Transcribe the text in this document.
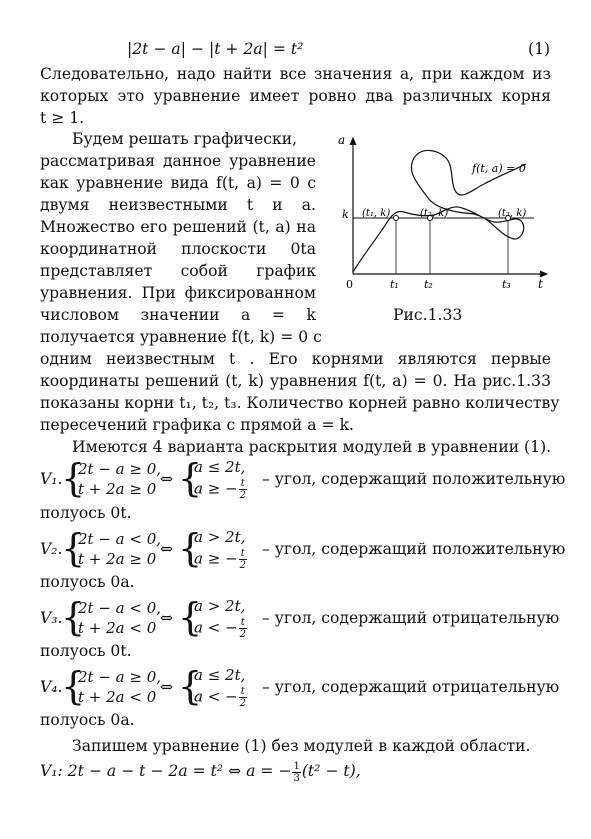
|2t − a| − |t + 2a| = t²	(1)
Следовательно, надо найти все значения a, при каждом из
которых это уравнение имеет ровно два различных корня
t ≥ 1.
Будем решать графически,
рассматривая данное уравнение
как уравнение вида f(t, a) = 0 с
двумя неизвестными t и a.
Множество его решений (t, a) на
координатной плоскости 0ta
представляет собой график
уравнения. При фиксированном
числовом значении a = k
получается уравнение f(t, k) = 0 с
a
t
0
k
f(t, a) = 0
(t₁, k)	(t₂, k)	(t₃, k)
t₁ t₂	t₃
Рис.1.33
одним неизвестным t . Его корнями являются первые
координаты решений (t, k) уравнения f(t, a) = 0. На рис.1.33
показаны корни t₁, t₂, t₃. Количество корней равно количеству
пересечений графика с прямой a = k.
Имеются 4 варианта раскрытия модулей в уравнении (1).
V₁.
{
2t − a ≥ 0,
t + 2a ≥ 0
⇔ {
a ≤ 2t,
a ≥ − $\frac{t}{2}$ – угол, содержащий положительную
полуось 0t.
V₂.
{
2t − a < 0,
t + 2a ≥ 0
⇔ {
a > 2t,
a ≥ − $\frac{t}{2}$ – угол, содержащий положительную
полуось 0a.
V₃.
{
2t − a < 0,
t + 2a < 0
⇔ {
a > 2t,
a < − $\frac{t}{2}$ – угол, содержащий отрицательную
полуось 0t.
V₄.
{
2t − a ≥ 0,
t + 2a < 0
⇔ {
a ≤ 2t,
a < − $\frac{t}{2}$ – угол, содержащий отрицательную
полуось 0a.
Запишем уравнение (1) без модулей в каждой области.
V₁: 2t − a − t − 2a = t² ⇔ a = − $\frac{1}{3} (t^2 - t)$,
